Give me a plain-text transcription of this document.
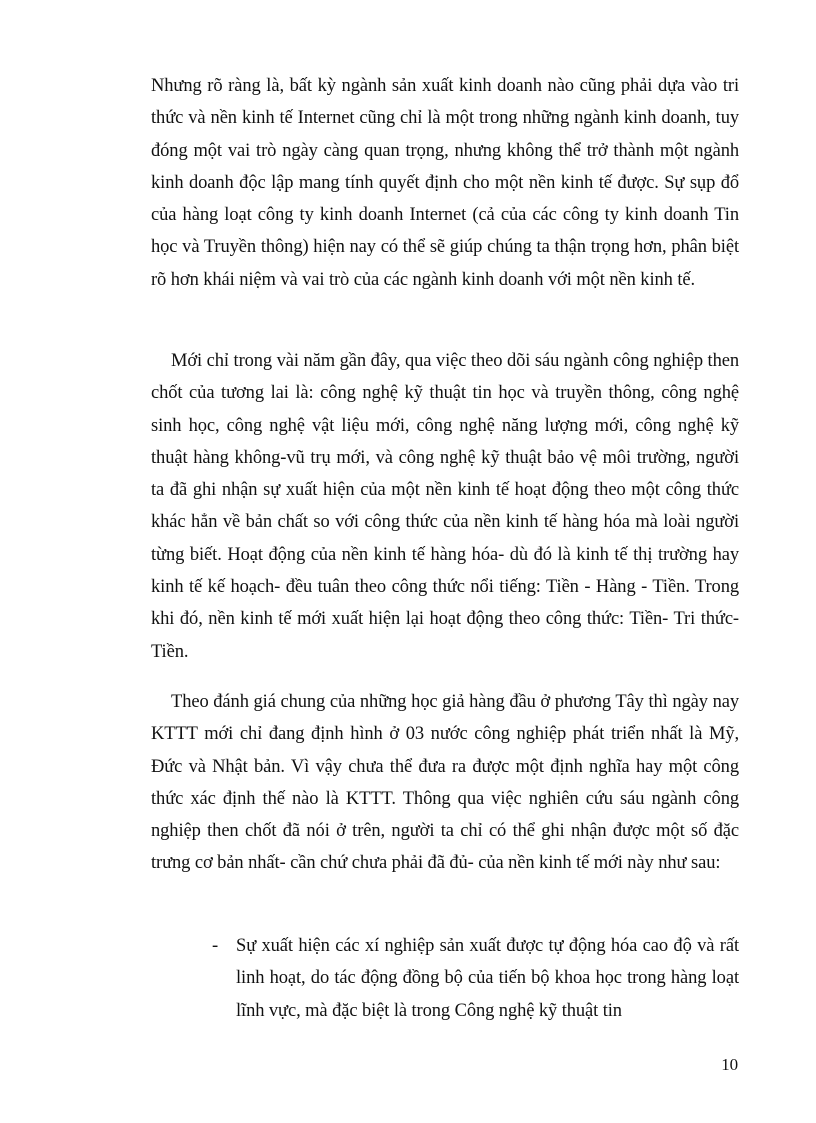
Nhưng rõ ràng là, bất kỳ ngành sản xuất kinh doanh nào cũng phải dựa vào tri thức và nền kinh tế Internet cũng chỉ là một trong những ngành kinh doanh, tuy đóng một vai trò ngày càng quan trọng, nhưng không thể trở thành một ngành kinh doanh độc lập mang tính quyết định cho một nền kinh tế được. Sự sụp đổ của hàng loạt công ty kinh doanh Internet (cả của các công ty kinh doanh Tin học và Truyền thông) hiện nay có thể sẽ giúp chúng ta thận trọng hơn, phân biệt rõ hơn khái niệm và vai trò của các ngành kinh doanh với một nền kinh tế.

Mới chỉ trong vài năm gần đây, qua việc theo dõi sáu ngành công nghiệp then chốt của tương lai là: công nghệ kỹ thuật tin học và truyền thông, công nghệ sinh học, công nghệ vật liệu mới, công nghệ năng lượng mới, công nghệ kỹ thuật hàng không-vũ trụ mới, và công nghệ kỹ thuật bảo vệ môi trường, người ta đã ghi nhận sự xuất hiện của một nền kinh tế hoạt động theo một công thức khác hẳn về bản chất so với công thức của nền kinh tế hàng hóa mà loài người từng biết. Hoạt động của nền kinh tế hàng hóa- dù đó là kinh tế thị trường hay kinh tế kế hoạch- đều tuân theo công thức nổi tiếng: Tiền - Hàng - Tiền. Trong khi đó, nền kinh tế mới xuất hiện lại hoạt động theo công thức: Tiền- Tri thức- Tiền.

Theo đánh giá chung của những học giả hàng đầu ở phương Tây thì ngày nay KTTT mới chỉ đang định hình ở 03 nước công nghiệp phát triển nhất là Mỹ, Đức và Nhật bản. Vì vậy chưa thể đưa ra được một định nghĩa hay một công thức xác định thế nào là KTTT. Thông qua việc nghiên cứu sáu ngành công nghiệp then chốt đã nói ở trên, người ta chỉ có thể ghi nhận được một số đặc trưng cơ bản nhất- cần chứ chưa phải đã đủ- của nền kinh tế mới này như sau:

- Sự xuất hiện các xí nghiệp sản xuất được tự động hóa cao độ và rất linh hoạt, do tác động đồng bộ của tiến bộ khoa học trong hàng loạt lĩnh vực, mà đặc biệt là trong Công nghệ kỹ thuật tin

10
